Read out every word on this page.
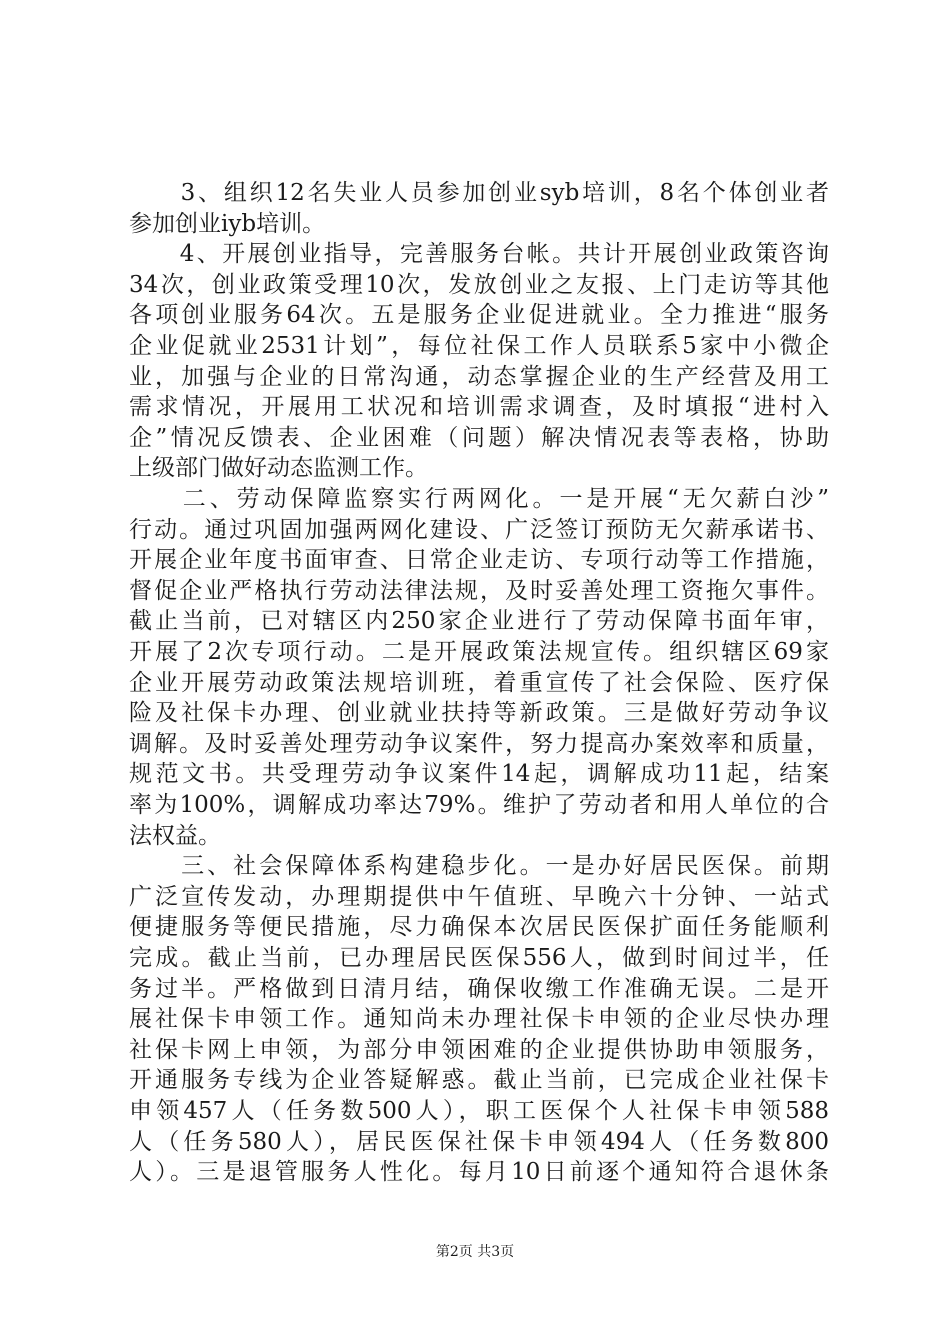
　　3、组织12名失业人员参加创业syb培训，8名个体创业者
参加创业iyb培训。
　　4、开展创业指导，完善服务台帐。共计开展创业政策咨询
34次，创业政策受理10次，发放创业之友报、上门走访等其他
各项创业服务64次。五是服务企业促进就业。全力推进“服务
企业促就业2531计划”，每位社保工作人员联系5家中小微企
业，加强与企业的日常沟通，动态掌握企业的生产经营及用工
需求情况，开展用工状况和培训需求调查，及时填报“进村入
企”情况反馈表、企业困难（问题）解决情况表等表格，协助
上级部门做好动态监测工作。
　　二、劳动保障监察实行两网化。一是开展“无欠薪白沙”
行动。通过巩固加强两网化建设、广泛签订预防无欠薪承诺书、
开展企业年度书面审查、日常企业走访、专项行动等工作措施，
督促企业严格执行劳动法律法规，及时妥善处理工资拖欠事件。
截止当前，已对辖区内250家企业进行了劳动保障书面年审，
开展了2次专项行动。二是开展政策法规宣传。组织辖区69家
企业开展劳动政策法规培训班，着重宣传了社会保险、医疗保
险及社保卡办理、创业就业扶持等新政策。三是做好劳动争议
调解。及时妥善处理劳动争议案件，努力提高办案效率和质量，
规范文书。共受理劳动争议案件14起，调解成功11起，结案
率为100%，调解成功率达79%。维护了劳动者和用人单位的合
法权益。
　　三、社会保障体系构建稳步化。一是办好居民医保。前期
广泛宣传发动，办理期提供中午值班、早晚六十分钟、一站式
便捷服务等便民措施，尽力确保本次居民医保扩面任务能顺利
完成。截止当前，已办理居民医保556人，做到时间过半，任
务过半。严格做到日清月结，确保收缴工作准确无误。二是开
展社保卡申领工作。通知尚未办理社保卡申领的企业尽快办理
社保卡网上申领，为部分申领困难的企业提供协助申领服务，
开通服务专线为企业答疑解惑。截止当前，已完成企业社保卡
申领457人（任务数500人），职工医保个人社保卡申领588
人（任务580人），居民医保社保卡申领494人（任务数800
人）。三是退管服务人性化。每月10日前逐个通知符合退休条
第2页 共3页
